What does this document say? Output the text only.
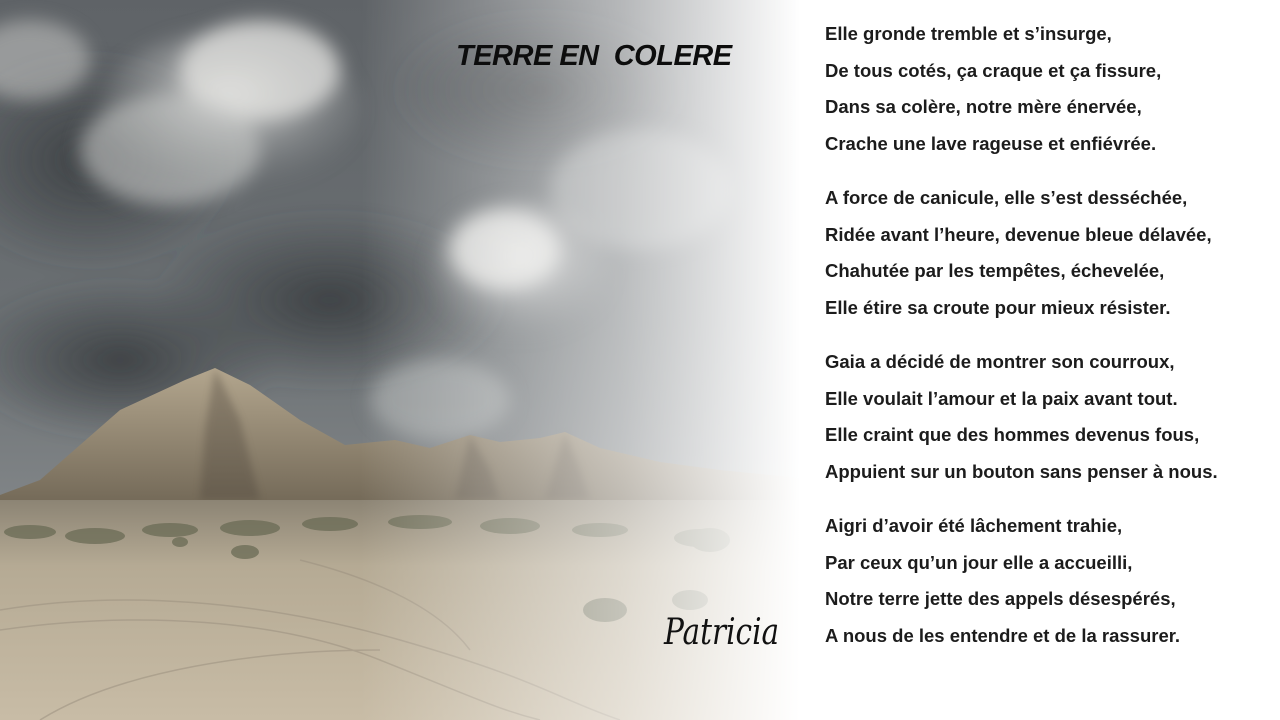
TERRE EN  COLERE
Patricia
Elle gronde tremble et s’insurge,
De tous cotés, ça craque et ça fissure,
Dans sa colère, notre mère énervée,
Crache une lave rageuse et enfiévrée.
A force de canicule, elle s’est desséchée,
Ridée avant l’heure, devenue bleue délavée,
Chahutée par les tempêtes, échevelée,
Elle étire sa croute pour mieux résister.
Gaia a décidé de montrer son courroux,
Elle voulait l’amour et la paix avant tout.
Elle craint que des hommes devenus fous,
Appuient sur un bouton sans penser à nous.
Aigri d’avoir été lâchement trahie,
Par ceux qu’un jour elle a accueilli,
Notre terre jette des appels désespérés,
A nous de les entendre et de la rassurer.
